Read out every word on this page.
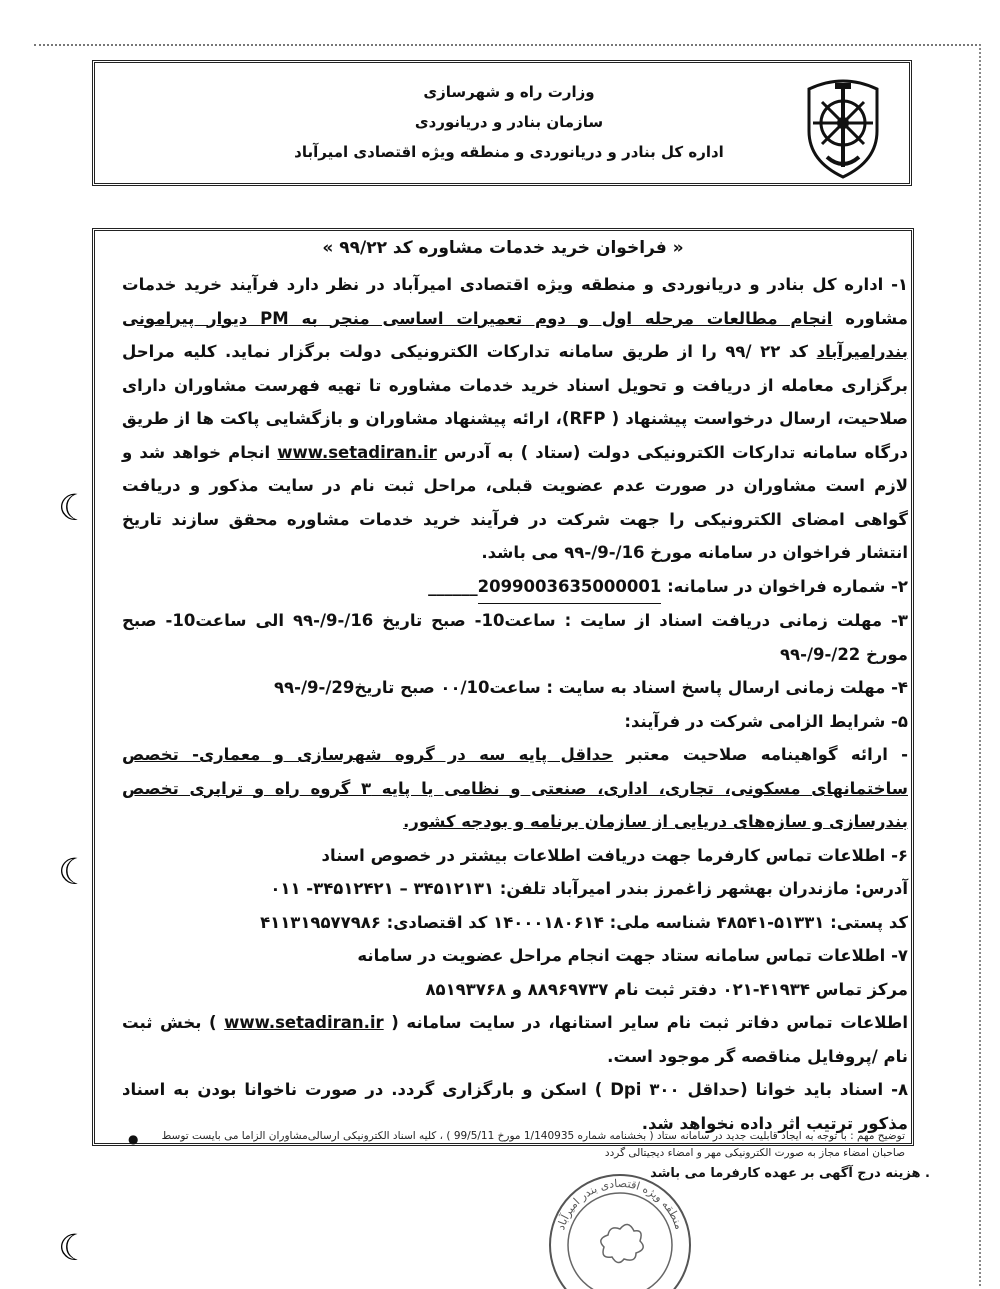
وزارت راه و شهرسازی
سازمان بنادر و دریانوردی
اداره کل بنادر و دریانوردی و منطقه ویژه اقتصادی امیرآباد
« فراخوان خرید خدمات مشاوره کد ۹۹/۲۲ »

۱- اداره کل بنادر و دریانوردی و منطقه ویژه اقتصادی امیرآباد در نظر دارد فرآیند خرید خدمات مشاوره انجام مطالعات مرحله اول و دوم تعمیرات اساسی منجر به PM دیوار پیرامونی بندرامیرآباد کد ۲۲ /۹۹ را از طریق سامانه تدارکات الکترونیکی دولت برگزار نماید. کلیه مراحل برگزاری معامله از دریافت و تحویل اسناد خرید خدمات مشاوره تا تهیه فهرست مشاوران دارای صلاحیت، ارسال درخواست پیشنهاد ( RFP)، ارائه پیشنهاد مشاوران و بازگشایی پاکت ها از طریق درگاه سامانه تدارکات الکترونیکی دولت (ستاد ) به آدرس www.setadiran.ir انجام خواهد شد و لازم است مشاوران در صورت عدم عضویت قبلی، مراحل ثبت نام در سایت مذکور و دریافت گواهی امضای الکترونیکی را جهت شرکت در فرآیند خرید خدمات مشاوره محقق سازند تاریخ انتشار فراخوان در سامانه مورخ 16/-9/-۹۹ می باشد.

۲- شماره فراخوان در سامانه: 2099003635000001______

۳- مهلت زمانی دریافت اسناد از سایت : ساعت10- صبح تاریخ 16/-9/-۹۹ الی ساعت10- صبح مورخ 22/-9/-۹۹

۴- مهلت زمانی ارسال پاسخ اسناد به سایت : ساعت۰۰/10 صبح تاریخ29/-9/-۹۹

۵- شرایط الزامی شرکت در فرآیند:

- ارائه گواهینامه صلاحیت معتبر حداقل پایه سه در گروه شهرسازی و معماری- تخصص ساختمانهای مسکونی، تجاری، اداری، صنعتی و نظامی یا پایه ۳ گروه راه و ترابری تخصص بندرسازی و سازه‌های دریایی از سازمان برنامه و بودجه کشور.

۶- اطلاعات تماس کارفرما جهت دریافت اطلاعات بیشتر در خصوص اسناد

آدرس: مازندران بهشهر زاغمرز بندر امیرآباد تلفن: ۳۴۵۱۲۱۳۱ – ۳۴۵۱۲۴۲۱- ۰۱۱

کد پستی: ۵۱۳۳۱-۴۸۵۴۱ شناسه ملی: ۱۴۰۰۰۱۸۰۶۱۴ کد اقتصادی: ۴۱۱۳۱۹۵۷۷۹۸۶

۷- اطلاعات تماس سامانه ستاد جهت انجام مراحل عضویت در سامانه

مرکز تماس ۴۱۹۳۴-۰۲۱ دفتر ثبت نام ۸۸۹۶۹۷۳۷ و ۸۵۱۹۳۷۶۸

اطلاعات تماس دفاتر ثبت نام سایر استانها، در سایت سامانه ( www.setadiran.ir ) بخش ثبت نام /پروفایل مناقصه گر موجود است.

۸- اسناد باید خوانا (حداقل ۳۰۰ Dpi ) اسکن و بارگزاری گردد. در صورت ناخوانا بودن به اسناد مذکور ترتیب اثر داده نخواهد شد.

●	توضیح مهم : با توجه به ایجاد قابلیت جدید در سامانه ستاد ( بخشنامه شماره 1/140935 مورخ 99/5/11 ) ، کلیه اسناد الکترونیکی ارسالی‌مشاوران الزاما می بایست توسط صاحبان امضاء مجاز به صورت الکترونیکی مهر و امضاء دیجیتالی گردد
. هزینه درج آگهی بر عهده کارفرما می باشد
☾
☾
☾
منطقه ویژه اقتصادی بندر امیرآباد
